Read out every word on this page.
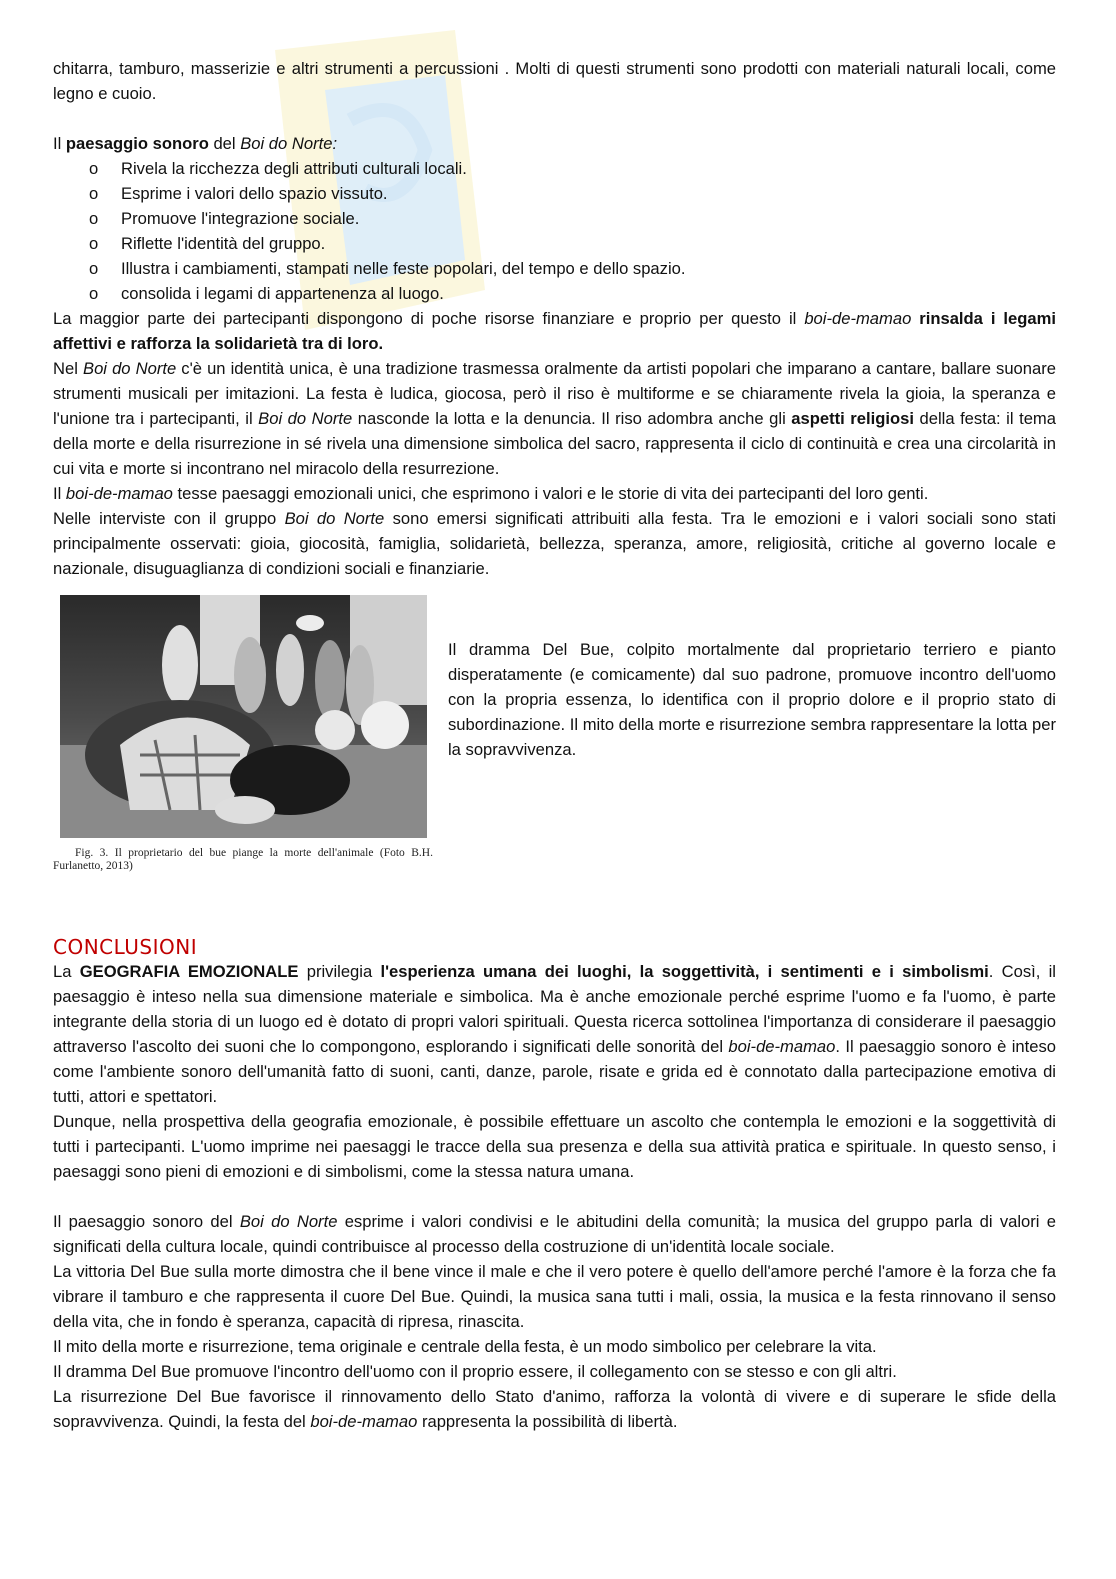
chitarra, tamburo, masserizie e altri strumenti a percussioni . Molti di questi strumenti sono prodotti con materiali naturali locali, come legno e cuoio.

Il paesaggio sonoro del Boi do Norte:

o Rivela la ricchezza degli attributi culturali locali.
o Esprime i valori dello spazio vissuto.
o Promuove l'integrazione sociale.
o Riflette l'identità del gruppo.
o Illustra i cambiamenti, stampati nelle feste popolari, del tempo e dello spazio.
o consolida i legami di appartenenza al luogo.

La maggior parte dei partecipanti dispongono di poche risorse finanziare e proprio per questo il boi-de-mamao rinsalda i legami affettivi e rafforza la solidarietà tra di loro.

Nel Boi do Norte c'è un identità unica, è una tradizione trasmessa oralmente da artisti popolari che imparano a cantare, ballare suonare strumenti musicali per imitazioni. La festa è ludica, giocosa, però il riso è multiforme e se chiaramente rivela la gioia, la speranza e l'unione tra i partecipanti, il Boi do Norte nasconde la lotta e la denuncia. Il riso adombra anche gli aspetti religiosi della festa: il tema della morte e della risurrezione in sé rivela una dimensione simbolica del sacro, rappresenta il ciclo di continuità e crea una circolarità in cui vita e morte si incontrano nel miracolo della resurrezione.

Il boi-de-mamao tesse paesaggi emozionali unici, che esprimono i valori e le storie di vita dei partecipanti del loro genti.

Nelle interviste con il gruppo Boi do Norte sono emersi significati attribuiti alla festa. Tra le emozioni e i valori sociali sono stati principalmente osservati: gioia, giocosità, famiglia, solidarietà, bellezza, speranza, amore, religiosità, critiche al governo locale e nazionale, disuguaglianza di condizioni sociali e finanziarie.

Fig. 3. Il proprietario del bue piange la morte dell'animale (Foto B.H. Furlanetto, 2013)

Il dramma Del Bue, colpito mortalmente dal proprietario terriero e pianto disperatamente (e comicamente) dal suo padrone, promuove incontro dell'uomo con la propria essenza, lo identifica con il proprio dolore e il proprio stato di subordinazione. Il mito della morte e risurrezione sembra rappresentare la lotta per la sopravvivenza.

CONCLUSIONI

La GEOGRAFIA EMOZIONALE privilegia l'esperienza umana dei luoghi, la soggettività, i sentimenti e i simbolismi. Così, il paesaggio è inteso nella sua dimensione materiale e simbolica. Ma è anche emozionale perché esprime l'uomo e fa l'uomo, è parte integrante della storia di un luogo ed è dotato di propri valori spirituali. Questa ricerca sottolinea l'importanza di considerare il paesaggio attraverso l'ascolto dei suoni che lo compongono, esplorando i significati delle sonorità del boi-de-mamao. Il paesaggio sonoro è inteso come l'ambiente sonoro dell'umanità fatto di suoni, canti, danze, parole, risate e grida ed è connotato dalla partecipazione emotiva di tutti, attori e spettatori.

Dunque, nella prospettiva della geografia emozionale, è possibile effettuare un ascolto che contempla le emozioni e la soggettività di tutti i partecipanti. L'uomo imprime nei paesaggi le tracce della sua presenza e della sua attività pratica e spirituale. In questo senso, i paesaggi sono pieni di emozioni e di simbolismi, come la stessa natura umana.

Il paesaggio sonoro del Boi do Norte esprime i valori condivisi e le abitudini della comunità; la musica del gruppo parla di valori e significati della cultura locale, quindi contribuisce al processo della costruzione di un'identità locale sociale.

La vittoria Del Bue sulla morte dimostra che il bene vince il male e che il vero potere è quello dell'amore perché l'amore è la forza che fa vibrare il tamburo e che rappresenta il cuore Del Bue. Quindi, la musica sana tutti i mali, ossia, la musica e la festa rinnovano il senso della vita, che in fondo è speranza, capacità di ripresa, rinascita.

Il mito della morte e risurrezione, tema originale e centrale della festa, è un modo simbolico per celebrare la vita.

Il dramma Del Bue promuove l'incontro dell'uomo con il proprio essere, il collegamento con se stesso e con gli altri.

La risurrezione Del Bue favorisce il rinnovamento dello Stato d'animo, rafforza la volontà di vivere e di superare le sfide della sopravvivenza. Quindi, la festa del boi-de-mamao rappresenta la possibilità di libertà.
